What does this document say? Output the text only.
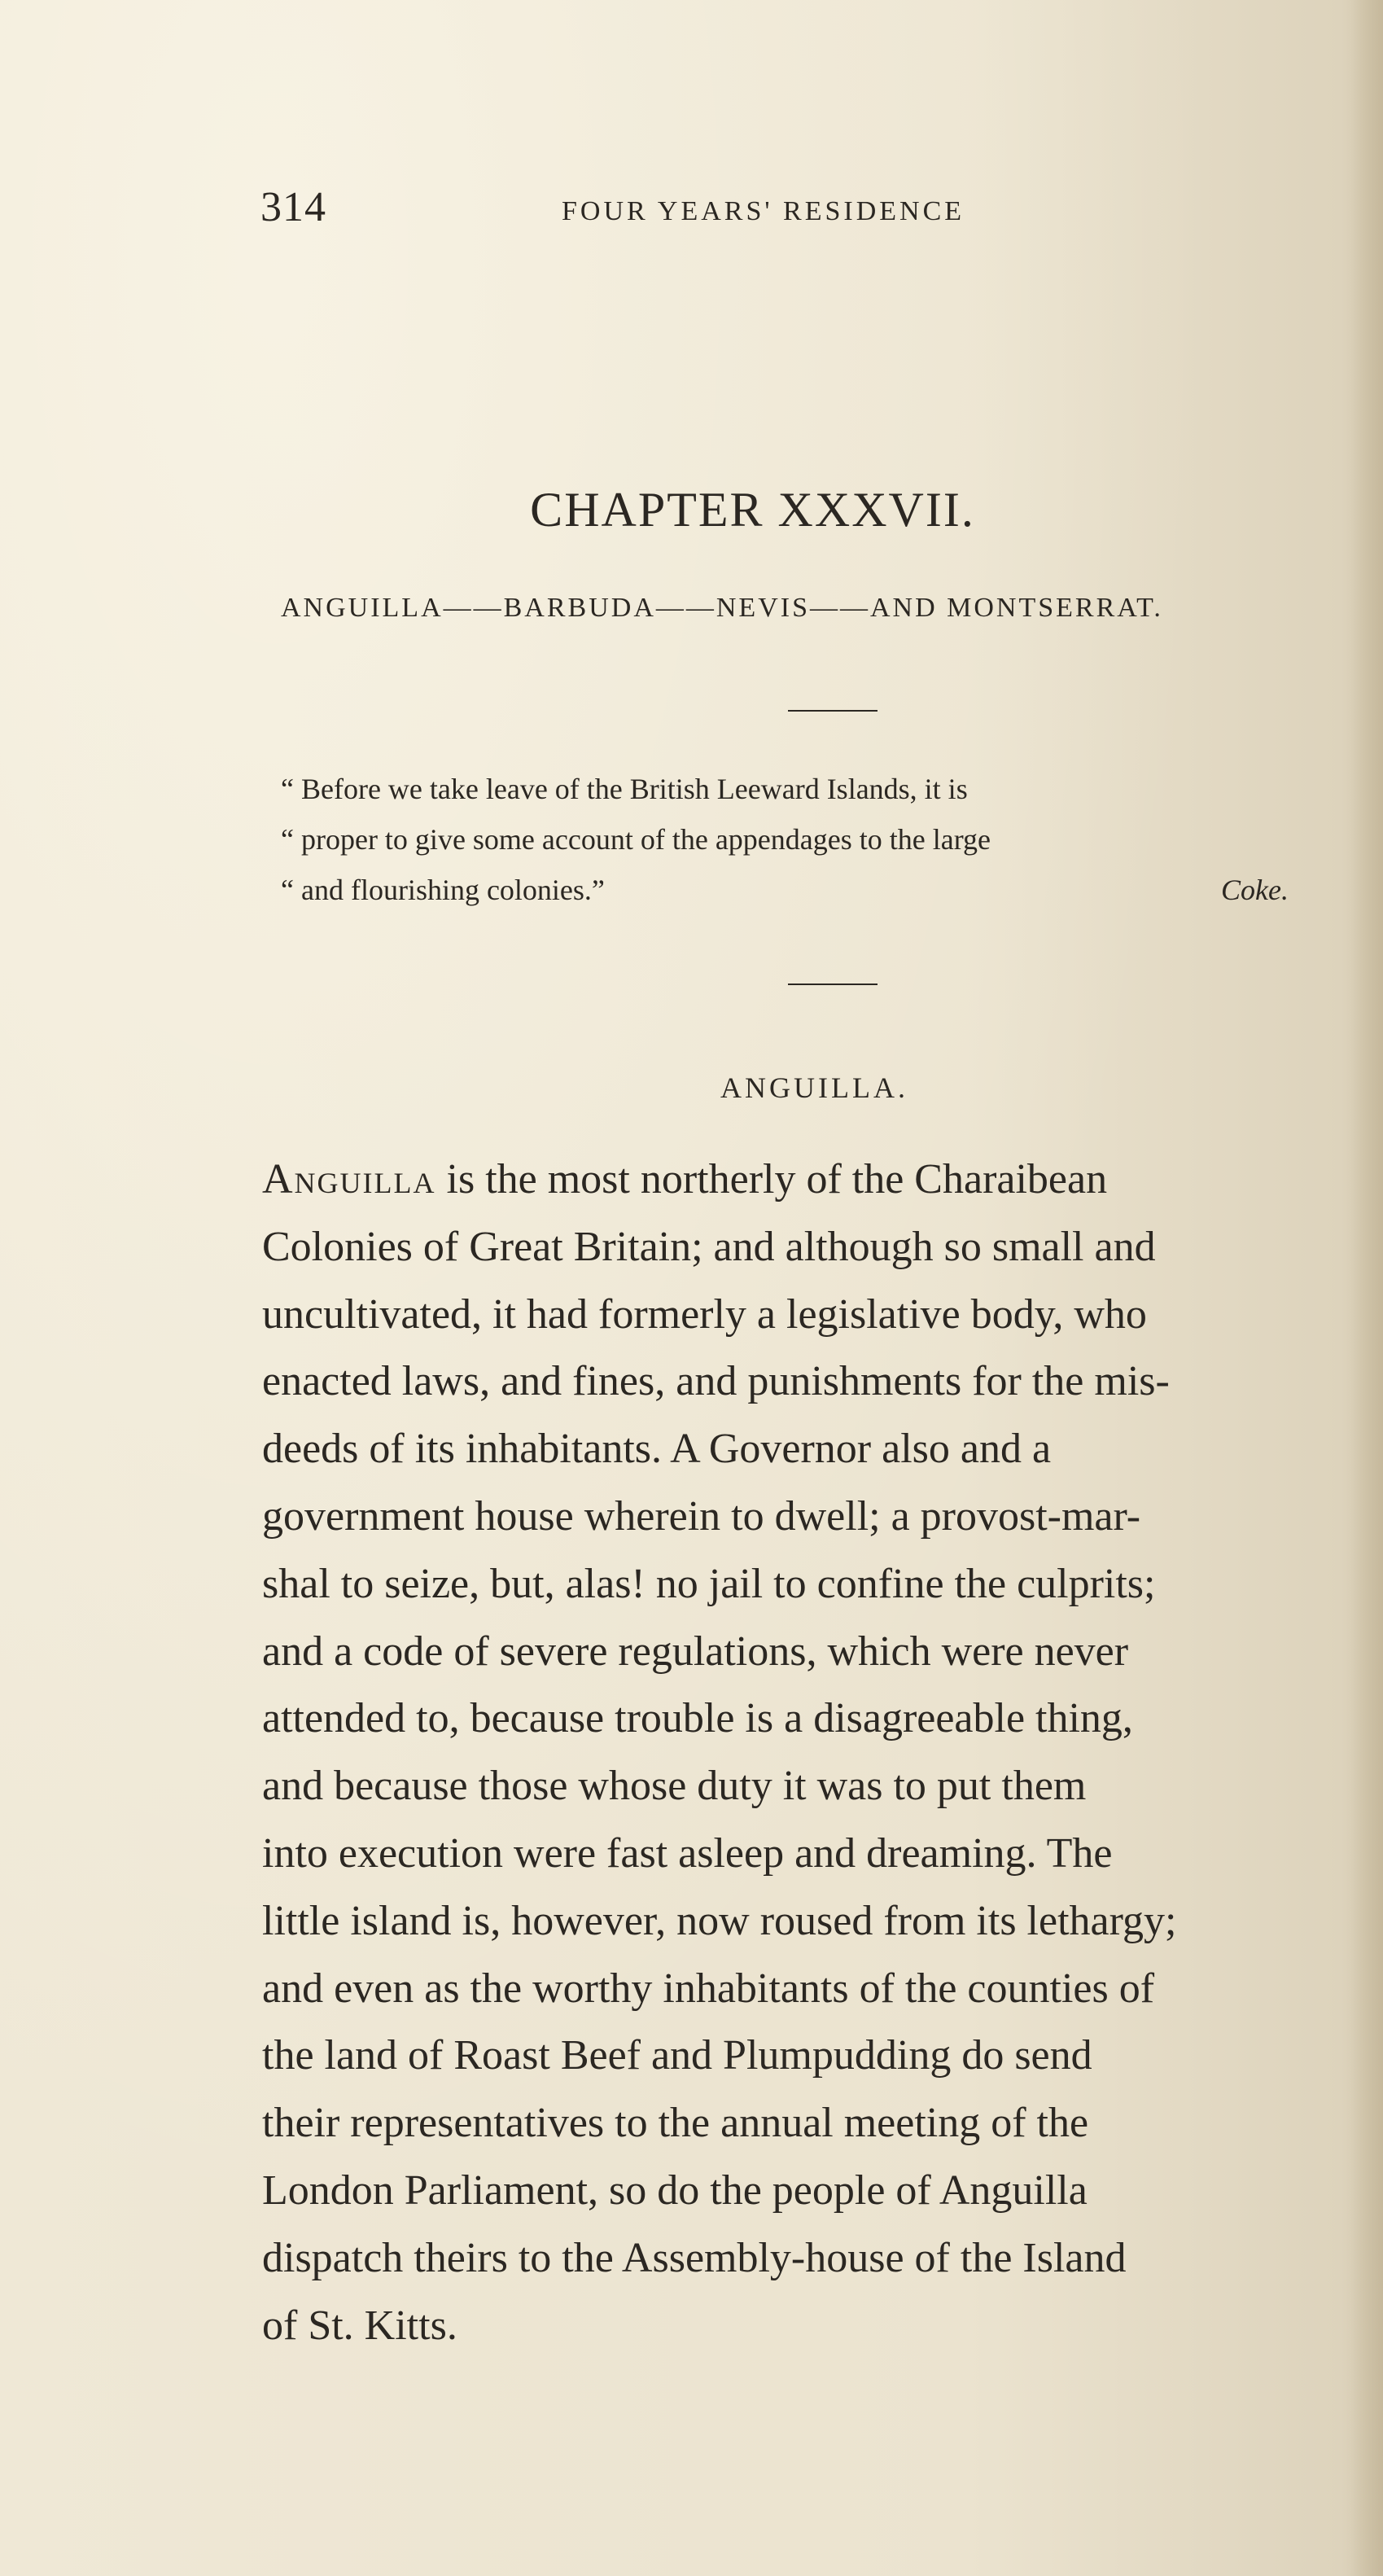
314	FOUR YEARS' RESIDENCE
CHAPTER XXXVII.
ANGUILLA——BARBUDA——NEVIS——AND MONTSERRAT.
“ Before we take leave of the British Leeward Islands, it is
“ proper to give some account of the appendages to the large
“ and flourishing colonies.”	Coke.
ANGUILLA.
Anguilla is the most northerly of the Charaibean
Colonies of Great Britain; and although so small and
uncultivated, it had formerly a legislative body, who
enacted laws, and fines, and punishments for the mis-
deeds of its inhabitants. A Governor also and a
government house wherein to dwell; a provost-mar-
shal to seize, but, alas! no jail to confine the culprits;
and a code of severe regulations, which were never
attended to, because trouble is a disagreeable thing,
and because those whose duty it was to put them
into execution were fast asleep and dreaming. The
little island is, however, now roused from its lethargy;
and even as the worthy inhabitants of the counties of
the land of Roast Beef and Plumpudding do send
their representatives to the annual meeting of the
London Parliament, so do the people of Anguilla
dispatch theirs to the Assembly-house of the Island
of St. Kitts.
